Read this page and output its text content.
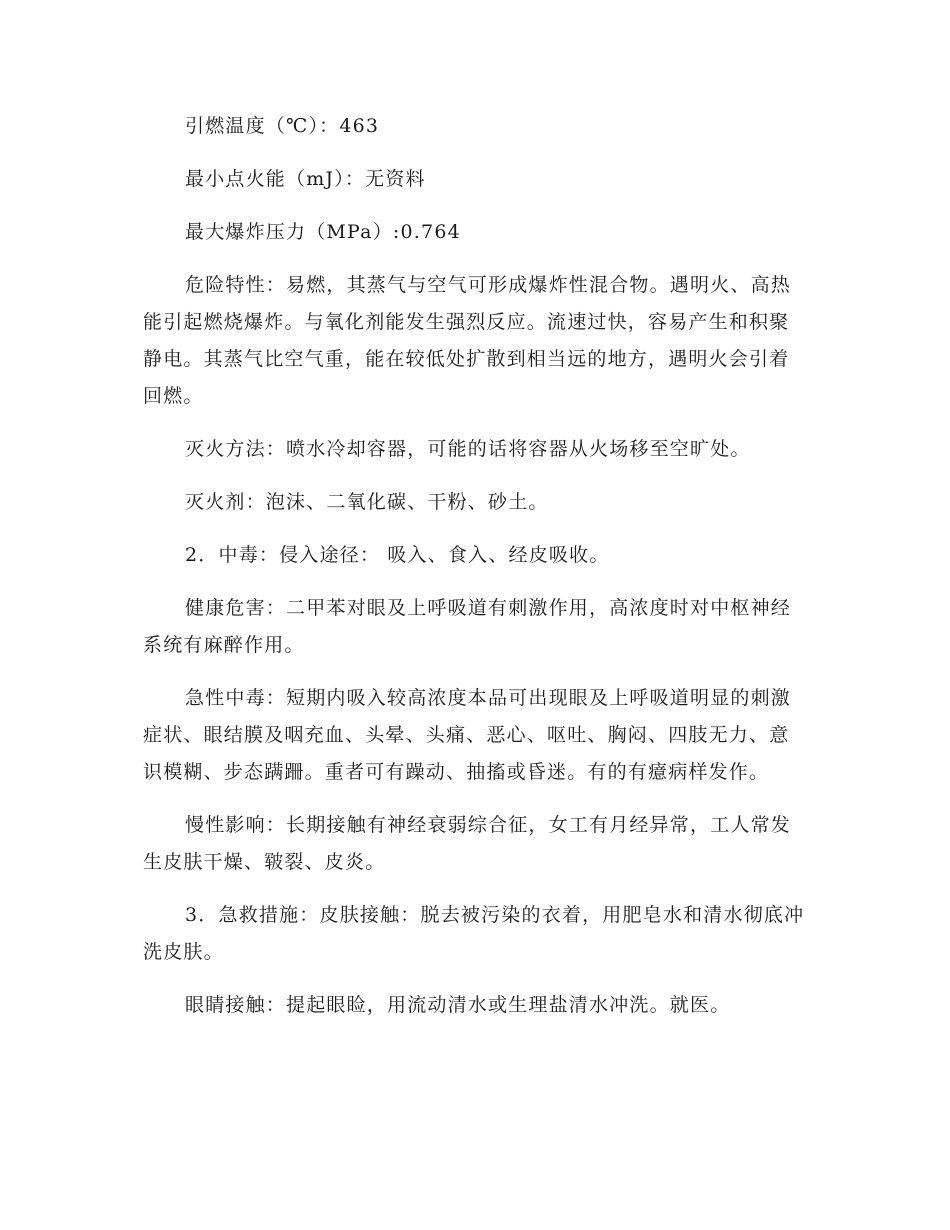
引燃温度（℃）：463

最小点火能（mJ）：无资料

最大爆炸压力（MPa）:0.764

危险特性：易燃，其蒸气与空气可形成爆炸性混合物。遇明火、高热能引起燃烧爆炸。与氧化剂能发生强烈反应。流速过快，容易产生和积聚静电。其蒸气比空气重，能在较低处扩散到相当远的地方，遇明火会引着回燃。

灭火方法：喷水冷却容器，可能的话将容器从火场移至空旷处。

灭火剂：泡沫、二氧化碳、干粉、砂土。

2．中毒：侵入途径： 吸入、食入、经皮吸收。

健康危害：二甲苯对眼及上呼吸道有刺激作用，高浓度时对中枢神经系统有麻醉作用。

急性中毒：短期内吸入较高浓度本品可出现眼及上呼吸道明显的刺激症状、眼结膜及咽充血、头晕、头痛、恶心、呕吐、胸闷、四肢无力、意识模糊、步态蹒跚。重者可有躁动、抽搐或昏迷。有的有癔病样发作。

慢性影响：长期接触有神经衰弱综合征，女工有月经异常，工人常发生皮肤干燥、皲裂、皮炎。

3．急救措施：皮肤接触：脱去被污染的衣着，用肥皂水和清水彻底冲洗皮肤。

眼睛接触：提起眼睑，用流动清水或生理盐清水冲洗。就医。
